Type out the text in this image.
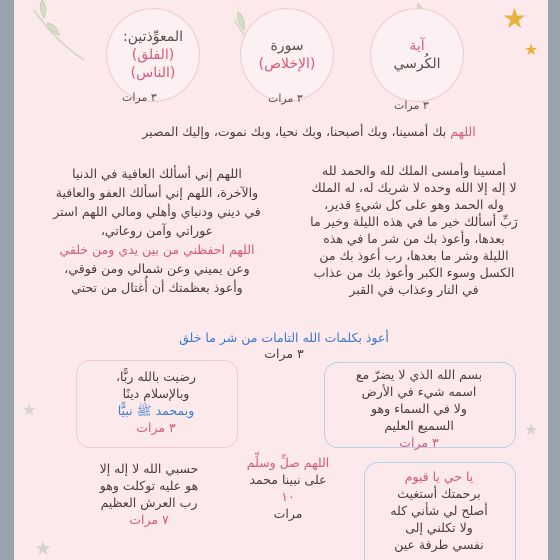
★
★
★
★
★
آية
الكُرسي
٣ مرات
سورة
(الإخلاص)
٣ مرات
المعوِّذتين:
(الفلق)
(الناس)
٣ مرات
اللهم بك أمسينا، وبك أصبحنا، وبك نحيا، وبك نموت، وإليك المصير
أمسينا وأمسى الملك لله والحمد لله
لا إله إلا الله وحده لا شريك له، له الملك
وله الحمد وهو على كل شيءٍ قدير،
رَبِّ أسألك خير ما في هذه الليلة وخير ما
بعدها، وأعوذ بك من شر ما في هذه
الليلة وشر ما بعدها، رب أعوذ بك من
الكسل وسوء الكبر وأعوذ بك من عذاب
في النار وعذاب في القبر
اللهم إني أسألك العافية في الدنيا
والآخرة، اللهم إني أسألك العفو والعافية
في ديني ودنياي وأهلي ومالي اللهم استر
عوراتي وآمن روعاتي،
اللهم احفظني من بين يدي ومن خلفي
وعن يميني وعن شمالي ومن فوقي،
وأعوذ بعظمتك أن أُغتال من تحتي
أعوذ بكلمات الله التامات من شر ما خلق
٣ مرات
بسم الله الذي لا يضرّ مع
اسمه شيء في الأرض
ولا في السماء وهو
السميع العليم
٣ مرات
رضيت بالله ربًّا،
وبالإسلام دينًا
وبمحمد ﷺ نبيًّا
٣ مرات
اللهم صلِّ وسلِّم
على نبينا محمد
١٠
مرات
حسبي الله لا إله إلا
هو عليه توكلت وهو
رب العرش العظيم
٧ مرات
يا حي يا قيوم
برحمتك أستغيث
أصلح لي شأني كله
ولا تكلني إلى
نفسي طرفة عين
